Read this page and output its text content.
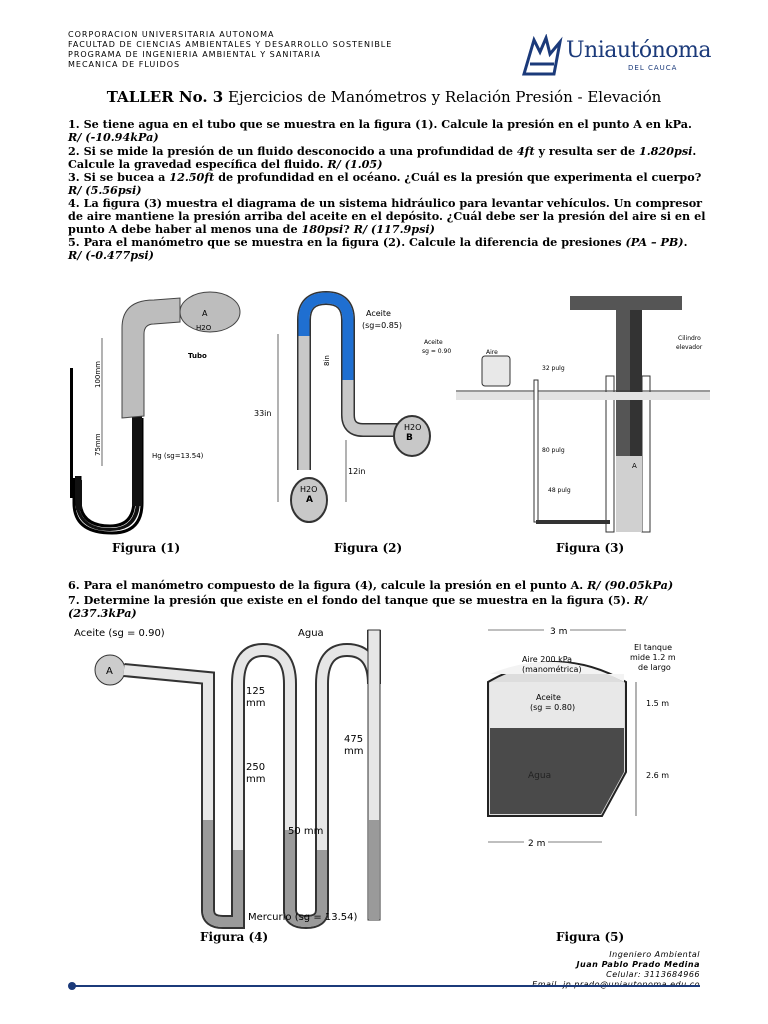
CORPORACION UNIVERSITARIA AUTONOMA
FACULTAD DE CIENCIAS AMBIENTALES Y DESARROLLO SOSTENIBLE
PROGRAMA DE INGENIERIA AMBIENTAL Y SANITARIA
MECANICA DE FLUIDOS
Uniautónoma
DEL CAUCA
TALLER No. 3 Ejercicios de Manómetros y Relación Presión - Elevación
1. Se tiene agua en el tubo que se muestra en la figura (1). Calcule la presión en el punto A en kPa.
R/ (-10.94kPa)
2. Si se mide la presión de un fluido desconocido a una profundidad de 4ft y resulta ser de 1.820psi. Calcule la gravedad específica del fluido. R/ (1.05)
3. Si se bucea a 12.50ft de profundidad en el océano. ¿Cuál es la presión que experimenta el cuerpo?
R/ (5.56psi)
4. La figura (3) muestra el diagrama de un sistema hidráulico para levantar vehículos. Un compresor de aire mantiene la presión arriba del aceite en el depósito. ¿Cuál debe ser la presión del aire si en el punto A debe haber al menos una de 180psi? R/ (117.9psi)
5. Para el manómetro que se muestra en la figura (2). Calcule la diferencia de presiones (PA – PB).
R/ (-0.477psi)
A
H2O
Tubo
Hg (sg=13.54)
100mm
75mm
Figura (1)
Aceite
(sg=0.85)
8in
33in
12in
H2O
B
H2O
A
Figura (2)
Aceite
sg = 0.90	Aire
Cilindro
elevador
32 pulg
80 pulg
48 pulg
A
Figura (3)
6. Para el manómetro compuesto de la figura (4), calcule la presión en el punto A. R/ (90.05kPa)
7. Determine la presión que existe en el fondo del tanque que se muestra en la figura (5). R/ (237.3kPa)
Aceite (sg = 0.90)	Agua
A
125
mm
250
mm
475
mm
50 mm
Mercurio (sg = 13.54)
Figura (4)
3 m
Aire 200 kPa
(manométrica)
El tanque
mide 1.2 m
de largo
Aceite
(sg = 0.80)	1.5 m
Agua	2.6 m
2 m
Figura (5)
Ingeniero Ambiental
Juan Pablo Prado Medina
Celular: 3113684966
